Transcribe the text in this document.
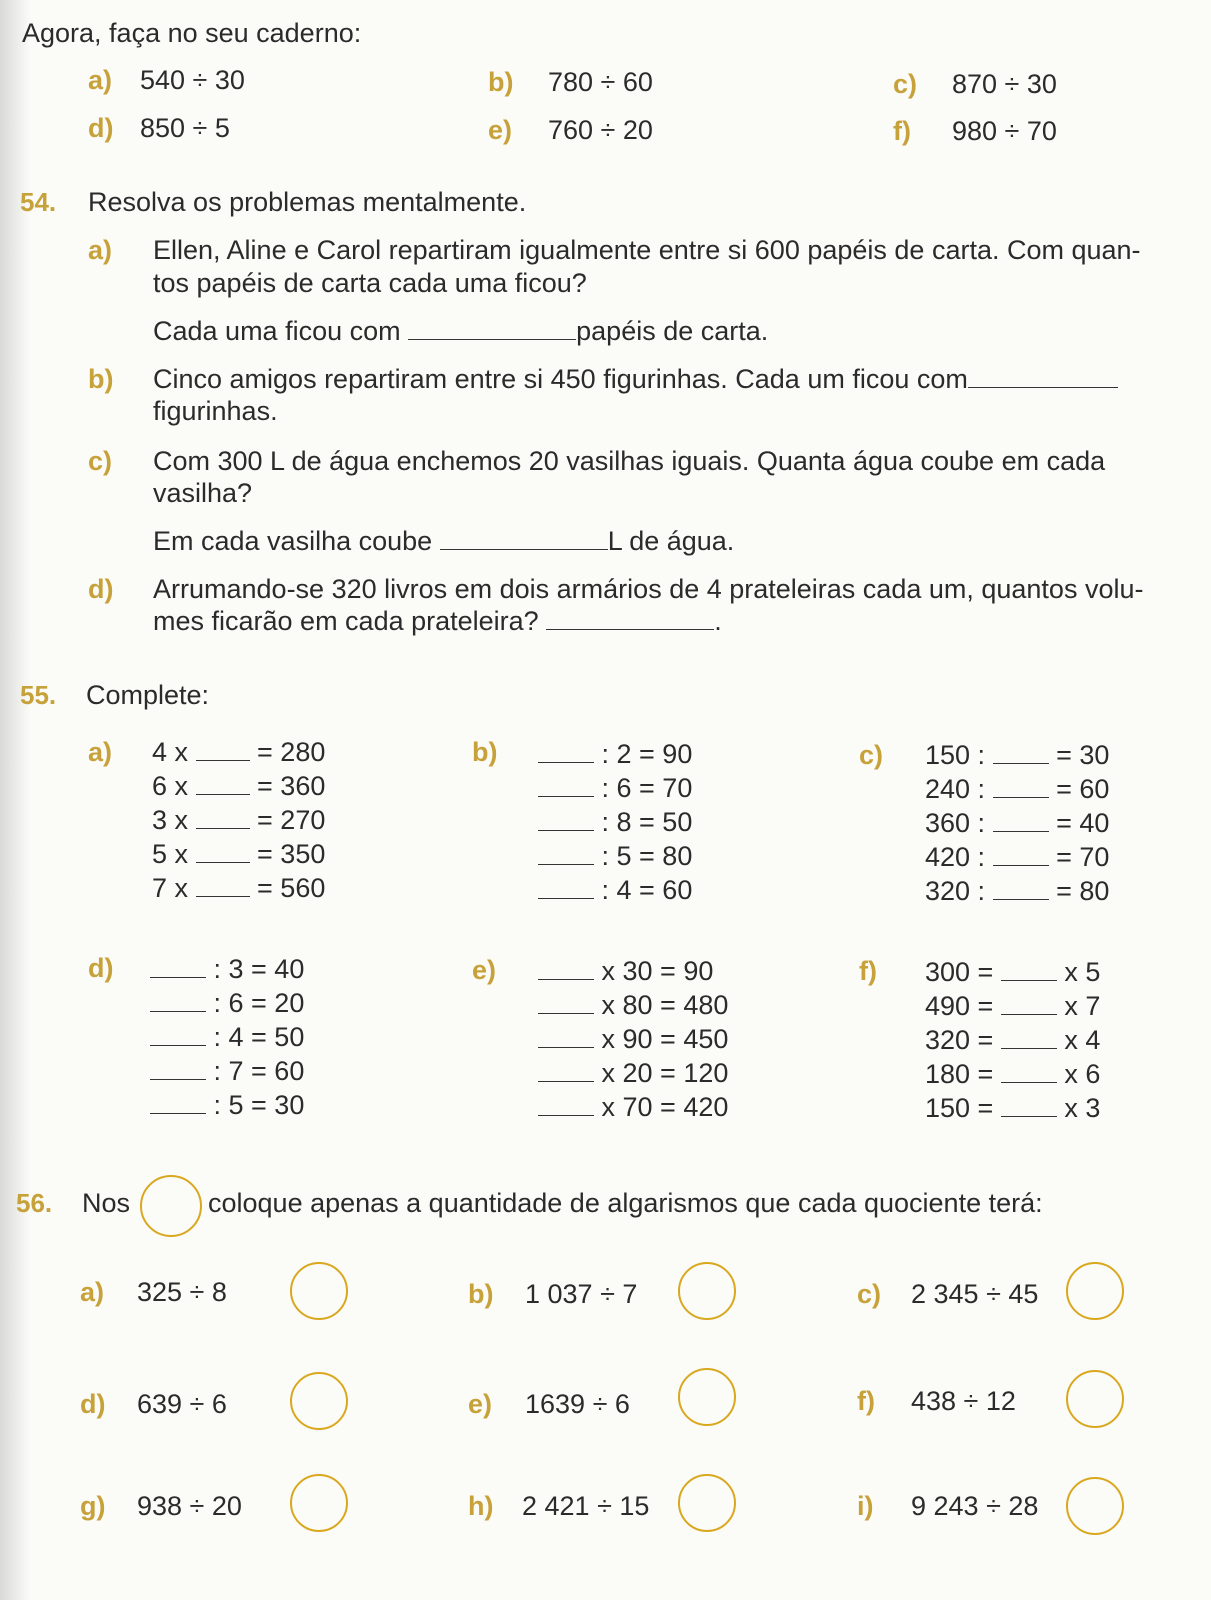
Agora, faça no seu caderno:
a) 540 ÷ 30	b) 780 ÷ 60	c) 870 ÷ 30
d) 850 ÷ 5	e) 760 ÷ 20	f) 980 ÷ 70
54. Resolva os problemas mentalmente.
a) Ellen, Aline e Carol repartiram igualmente entre si 600 papéis de carta. Com quan-
tos papéis de carta cada uma ficou?
Cada uma ficou com	papéis de carta.
b) Cinco amigos repartiram entre si 450 figurinhas. Cada um ficou com
figurinhas.
c) Com 300 L de água enchemos 20 vasilhas iguais. Quanta água coube em cada
vasilha?
Em cada vasilha coube	L de água.
d) Arrumando-se 320 livros em dois armários de 4 prateleiras cada um, quantos volu-
mes ficarão em cada prateleira?	.
55. Complete:
a) 4 x	= 280
6 x	= 360
3 x	= 270
5 x	= 350
7 x	= 560
b)	: 2 = 90
: 6 = 70
: 8 = 50
: 5 = 80
: 4 = 60
c) 150 :	= 30
240 :	= 60
360 :	= 40
420 :	= 70
320 :	= 80
d)	: 3 = 40
: 6 = 20
: 4 = 50
: 7 = 60
: 5 = 30
e)	x 30 = 90
x 80 = 480
x 90 = 450
x 20 = 120
x 70 = 420
f) 300 =	x 5
490 =	x 7
320 =	x 4
180 =	x 6
150 =	x 3
56. Nos	coloque apenas a quantidade de algarismos que cada quociente terá:
a) 325 ÷ 8	b) 1 037 ÷ 7	c) 2 345 ÷ 45
d) 639 ÷ 6	e) 1639 ÷ 6	f) 438 ÷ 12
g) 938 ÷ 20	h) 2 421 ÷ 15	i) 9 243 ÷ 28
